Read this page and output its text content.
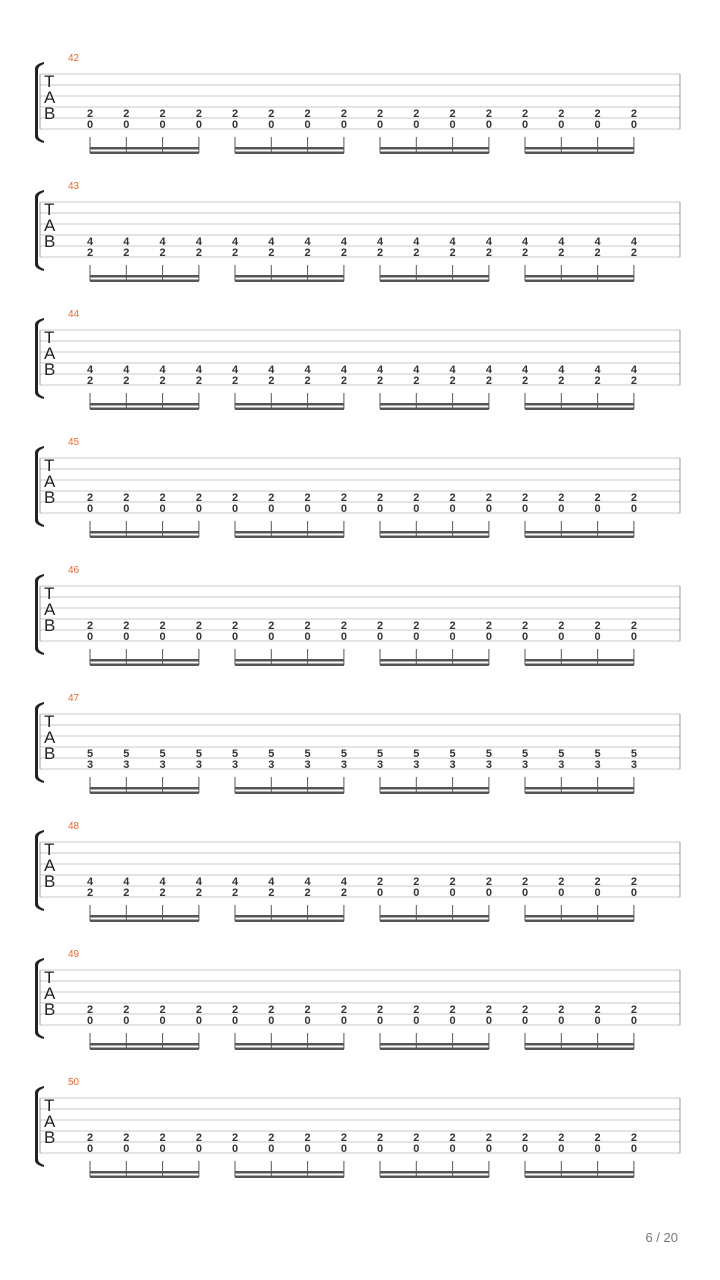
42
T
A
B	2
0
2
0
2
0
2
0
2
0
2
0
2
0
2
0
2
0
2
0
2
0
2
0
2
0
2
0
2
0
2
0
43
T
A
B	4
2
4
2
4
2
4
2
4
2
4
2
4
2
4
2
4
2
4
2
4
2
4
2
4
2
4
2
4
2
4
2
44
T
A
B	4
2
4
2
4
2
4
2
4
2
4
2
4
2
4
2
4
2
4
2
4
2
4
2
4
2
4
2
4
2
4
2
45
T
A
B	2
0
2
0
2
0
2
0
2
0
2
0
2
0
2
0
2
0
2
0
2
0
2
0
2
0
2
0
2
0
2
0
46
T
A
B	2
0
2
0
2
0
2
0
2
0
2
0
2
0
2
0
2
0
2
0
2
0
2
0
2
0
2
0
2
0
2
0
47
T
A
B	5
3
5
3
5
3
5
3
5
3
5
3
5
3
5
3
5
3
5
3
5
3
5
3
5
3
5
3
5
3
5
3
48
T
A
B	4
2
4
2
4
2
4
2
4
2
4
2
4
2
4
2
2
0
2
0
2
0
2
0
2
0
2
0
2
0
2
0
49
T
A
B	2
0
2
0
2
0
2
0
2
0
2
0
2
0
2
0
2
0
2
0
2
0
2
0
2
0
2
0
2
0
2
0
50
T
A
B	2
0
2
0
2
0
2
0
2
0
2
0
2
0
2
0
2
0
2
0
2
0
2
0
2
0
2
0
2
0
2
0
6 / 20
